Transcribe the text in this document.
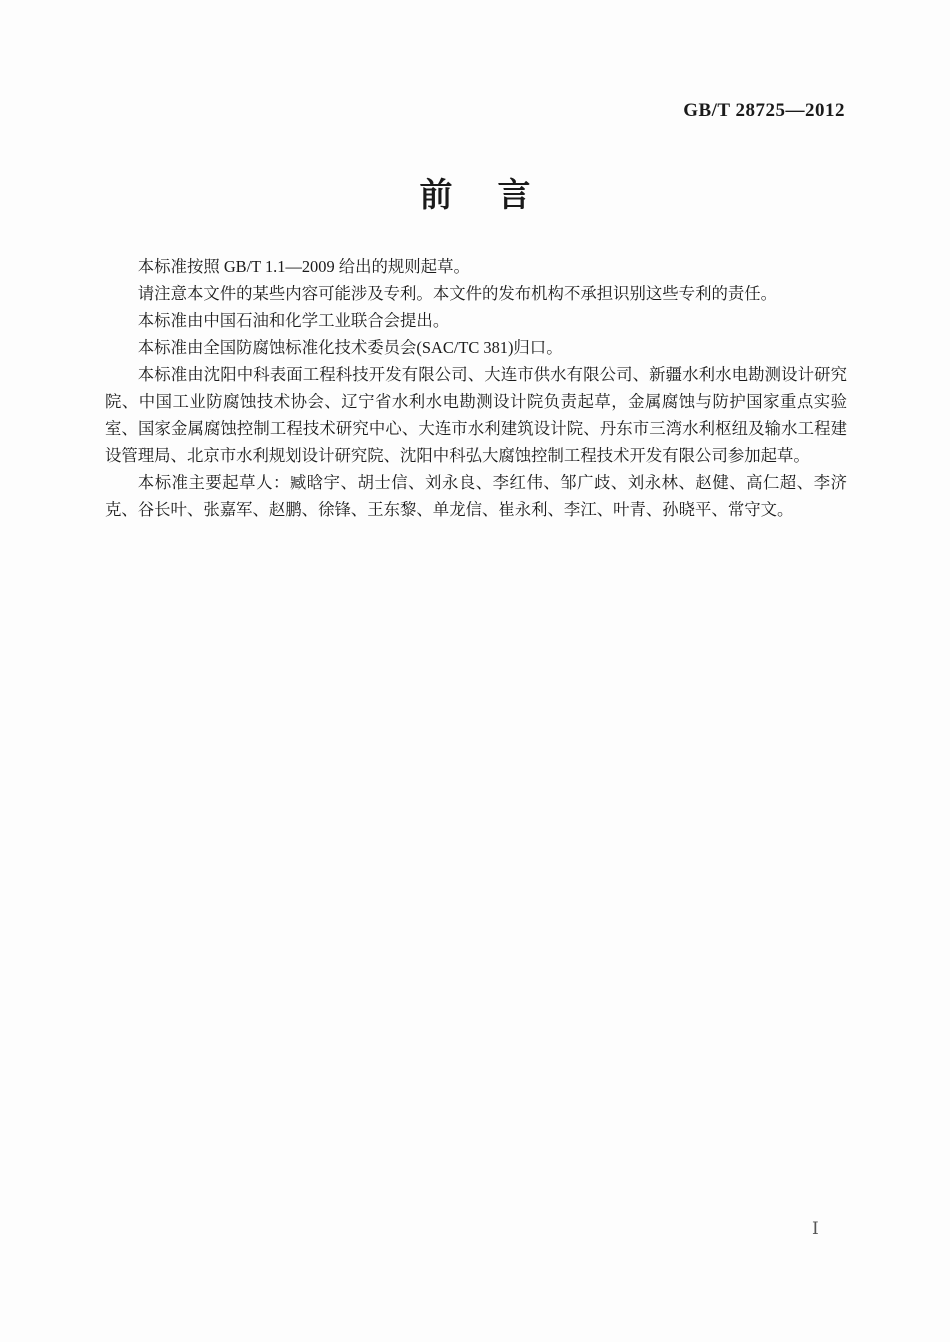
GB/T 28725—2012
前 言

本标准按照 GB/T 1.1—2009 给出的规则起草。

请注意本文件的某些内容可能涉及专利。本文件的发布机构不承担识别这些专利的责任。

本标准由中国石油和化学工业联合会提出。

本标准由全国防腐蚀标准化技术委员会(SAC/TC 381)归口。

本标准由沈阳中科表面工程科技开发有限公司、大连市供水有限公司、新疆水利水电勘测设计研究院、中国工业防腐蚀技术协会、辽宁省水利水电勘测设计院负责起草，金属腐蚀与防护国家重点实验室、国家金属腐蚀控制工程技术研究中心、大连市水利建筑设计院、丹东市三湾水利枢纽及输水工程建设管理局、北京市水利规划设计研究院、沈阳中科弘大腐蚀控制工程技术开发有限公司参加起草。

本标准主要起草人：臧晗宇、胡士信、刘永良、李红伟、邹广歧、刘永林、赵健、高仁超、李济克、谷长叶、张嘉军、赵鹏、徐锋、王东黎、单龙信、崔永利、李江、叶青、孙晓平、常守文。

Ⅰ
